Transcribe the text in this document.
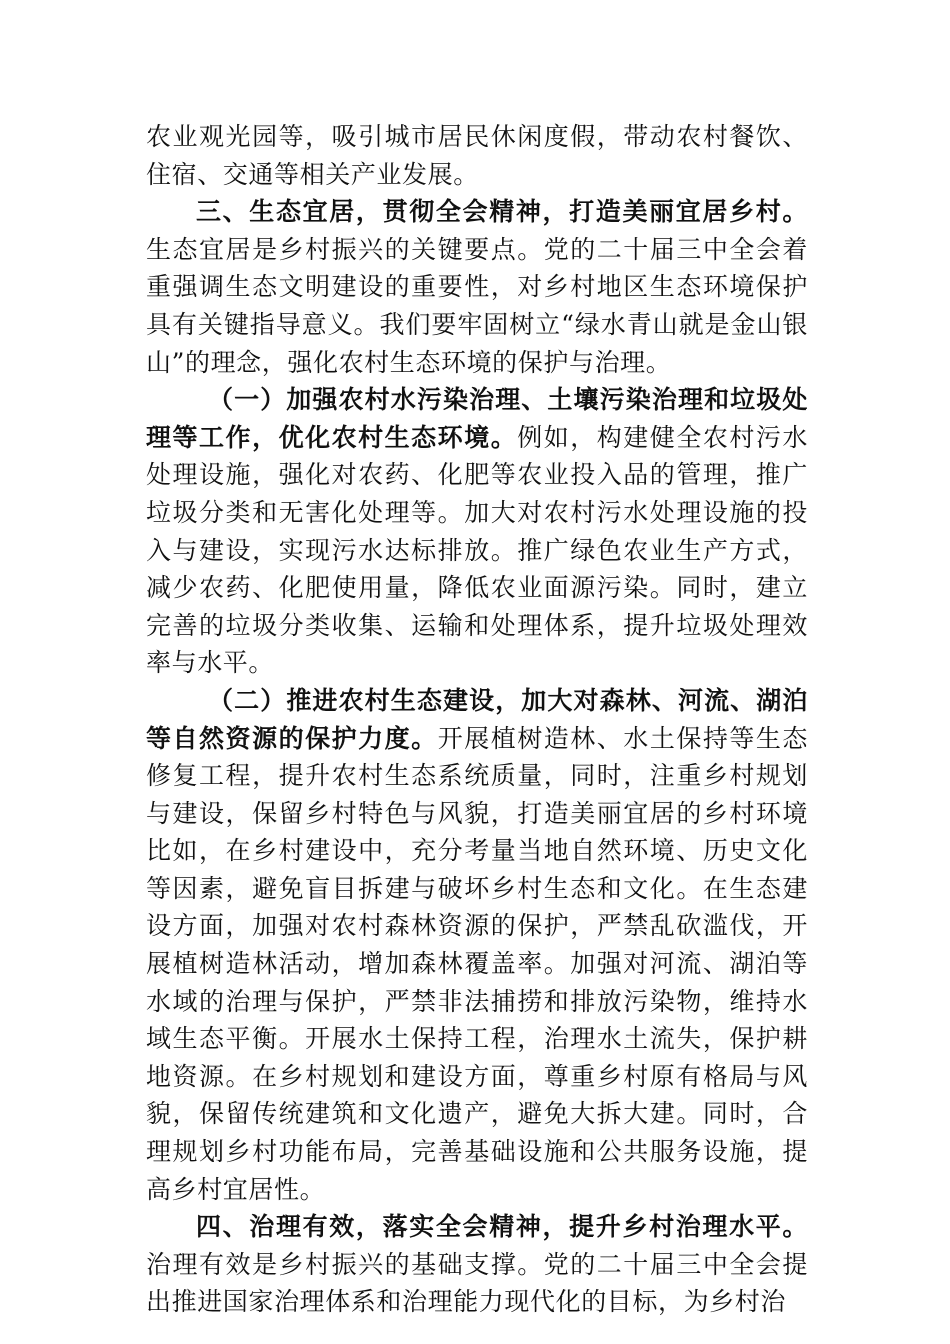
农业观光园等，吸引城市居民休闲度假，带动农村餐饮、住宿、交通等相关产业发展。

三、生态宜居，贯彻全会精神，打造美丽宜居乡村。生态宜居是乡村振兴的关键要点。党的二十届三中全会着重强调生态文明建设的重要性，对乡村地区生态环境保护具有关键指导意义。我们要牢固树立“绿水青山就是金山银山”的理念，强化农村生态环境的保护与治理。

（一）加强农村水污染治理、土壤污染治理和垃圾处理等工作，优化农村生态环境。例如，构建健全农村污水处理设施，强化对农药、化肥等农业投入品的管理，推广垃圾分类和无害化处理等。加大对农村污水处理设施的投入与建设，实现污水达标排放。推广绿色农业生产方式，减少农药、化肥使用量，降低农业面源污染。同时，建立完善的垃圾分类收集、运输和处理体系，提升垃圾处理效率与水平。

（二）推进农村生态建设，加大对森林、河流、湖泊等自然资源的保护力度。开展植树造林、水土保持等生态修复工程，提升农村生态系统质量，同时，注重乡村规划与建设，保留乡村特色与风貌，打造美丽宜居的乡村环境比如，在乡村建设中，充分考量当地自然环境、历史文化等因素，避免盲目拆建与破坏乡村生态和文化。在生态建设方面，加强对农村森林资源的保护，严禁乱砍滥伐，开展植树造林活动，增加森林覆盖率。加强对河流、湖泊等水域的治理与保护，严禁非法捕捞和排放污染物，维持水域生态平衡。开展水土保持工程，治理水土流失，保护耕地资源。在乡村规划和建设方面，尊重乡村原有格局与风貌，保留传统建筑和文化遗产，避免大拆大建。同时，合理规划乡村功能布局，完善基础设施和公共服务设施，提高乡村宜居性。

四、治理有效，落实全会精神，提升乡村治理水平。治理有效是乡村振兴的基础支撑。党的二十届三中全会提出推进国家治理体系和治理能力现代化的目标，为乡村治
